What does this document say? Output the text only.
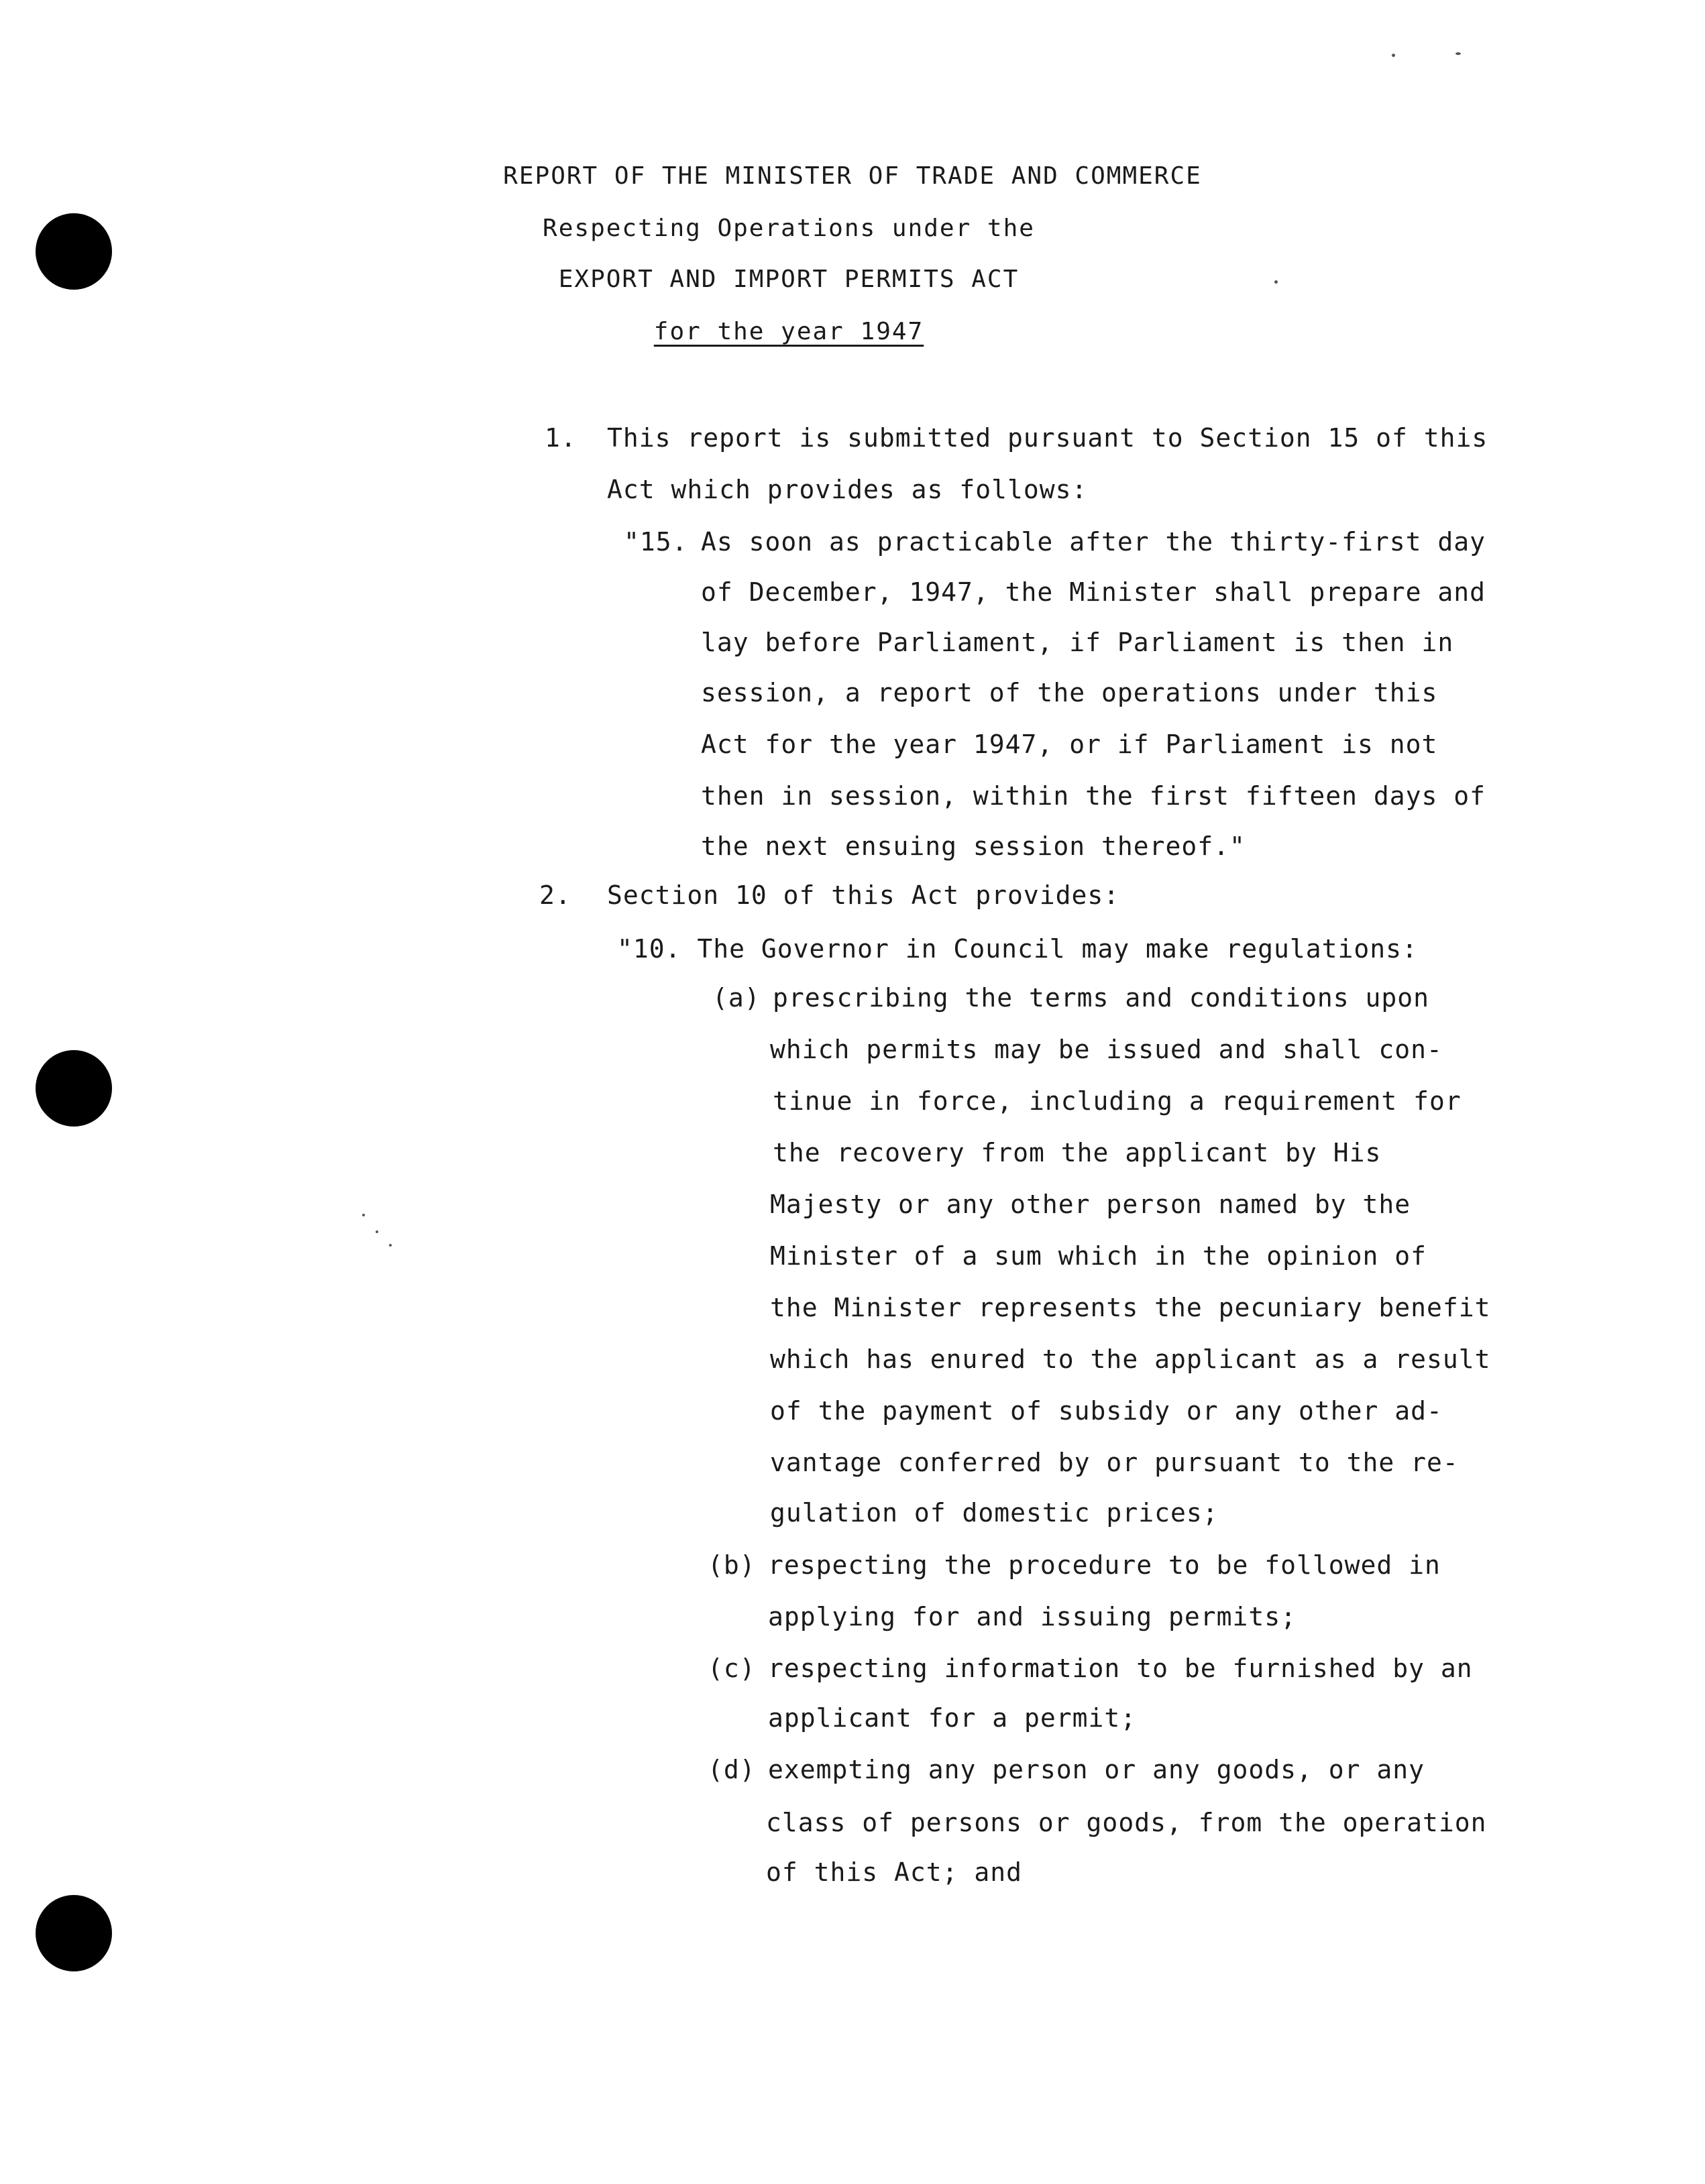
REPORT OF THE MINISTER OF TRADE AND COMMERCE
Respecting Operations under the
EXPORT AND IMPORT PERMITS ACT
for the year 1947
1. This report is submitted pursuant to Section 15 of this
Act which provides as follows:
"15. As soon as practicable after the thirty-first day
of December, 1947, the Minister shall prepare and
lay before Parliament, if Parliament is then in
session, a report of the operations under this
Act for the year 1947, or if Parliament is not
then in session, within the first fifteen days of
the next ensuing session thereof."
2. Section 10 of this Act provides:
"10. The Governor in Council may make regulations:
(a) prescribing the terms and conditions upon
which permits may be issued and shall con-
tinue in force, including a requirement for
the recovery from the applicant by His
Majesty or any other person named by the
Minister of a sum which in the opinion of
the Minister represents the pecuniary benefit
which has enured to the applicant as a result
of the payment of subsidy or any other ad-
vantage conferred by or pursuant to the re-
gulation of domestic prices;
(b) respecting the procedure to be followed in
applying for and issuing permits;
(c) respecting information to be furnished by an
applicant for a permit;
(d) exempting any person or any goods, or any
class of persons or goods, from the operation
of this Act; and
